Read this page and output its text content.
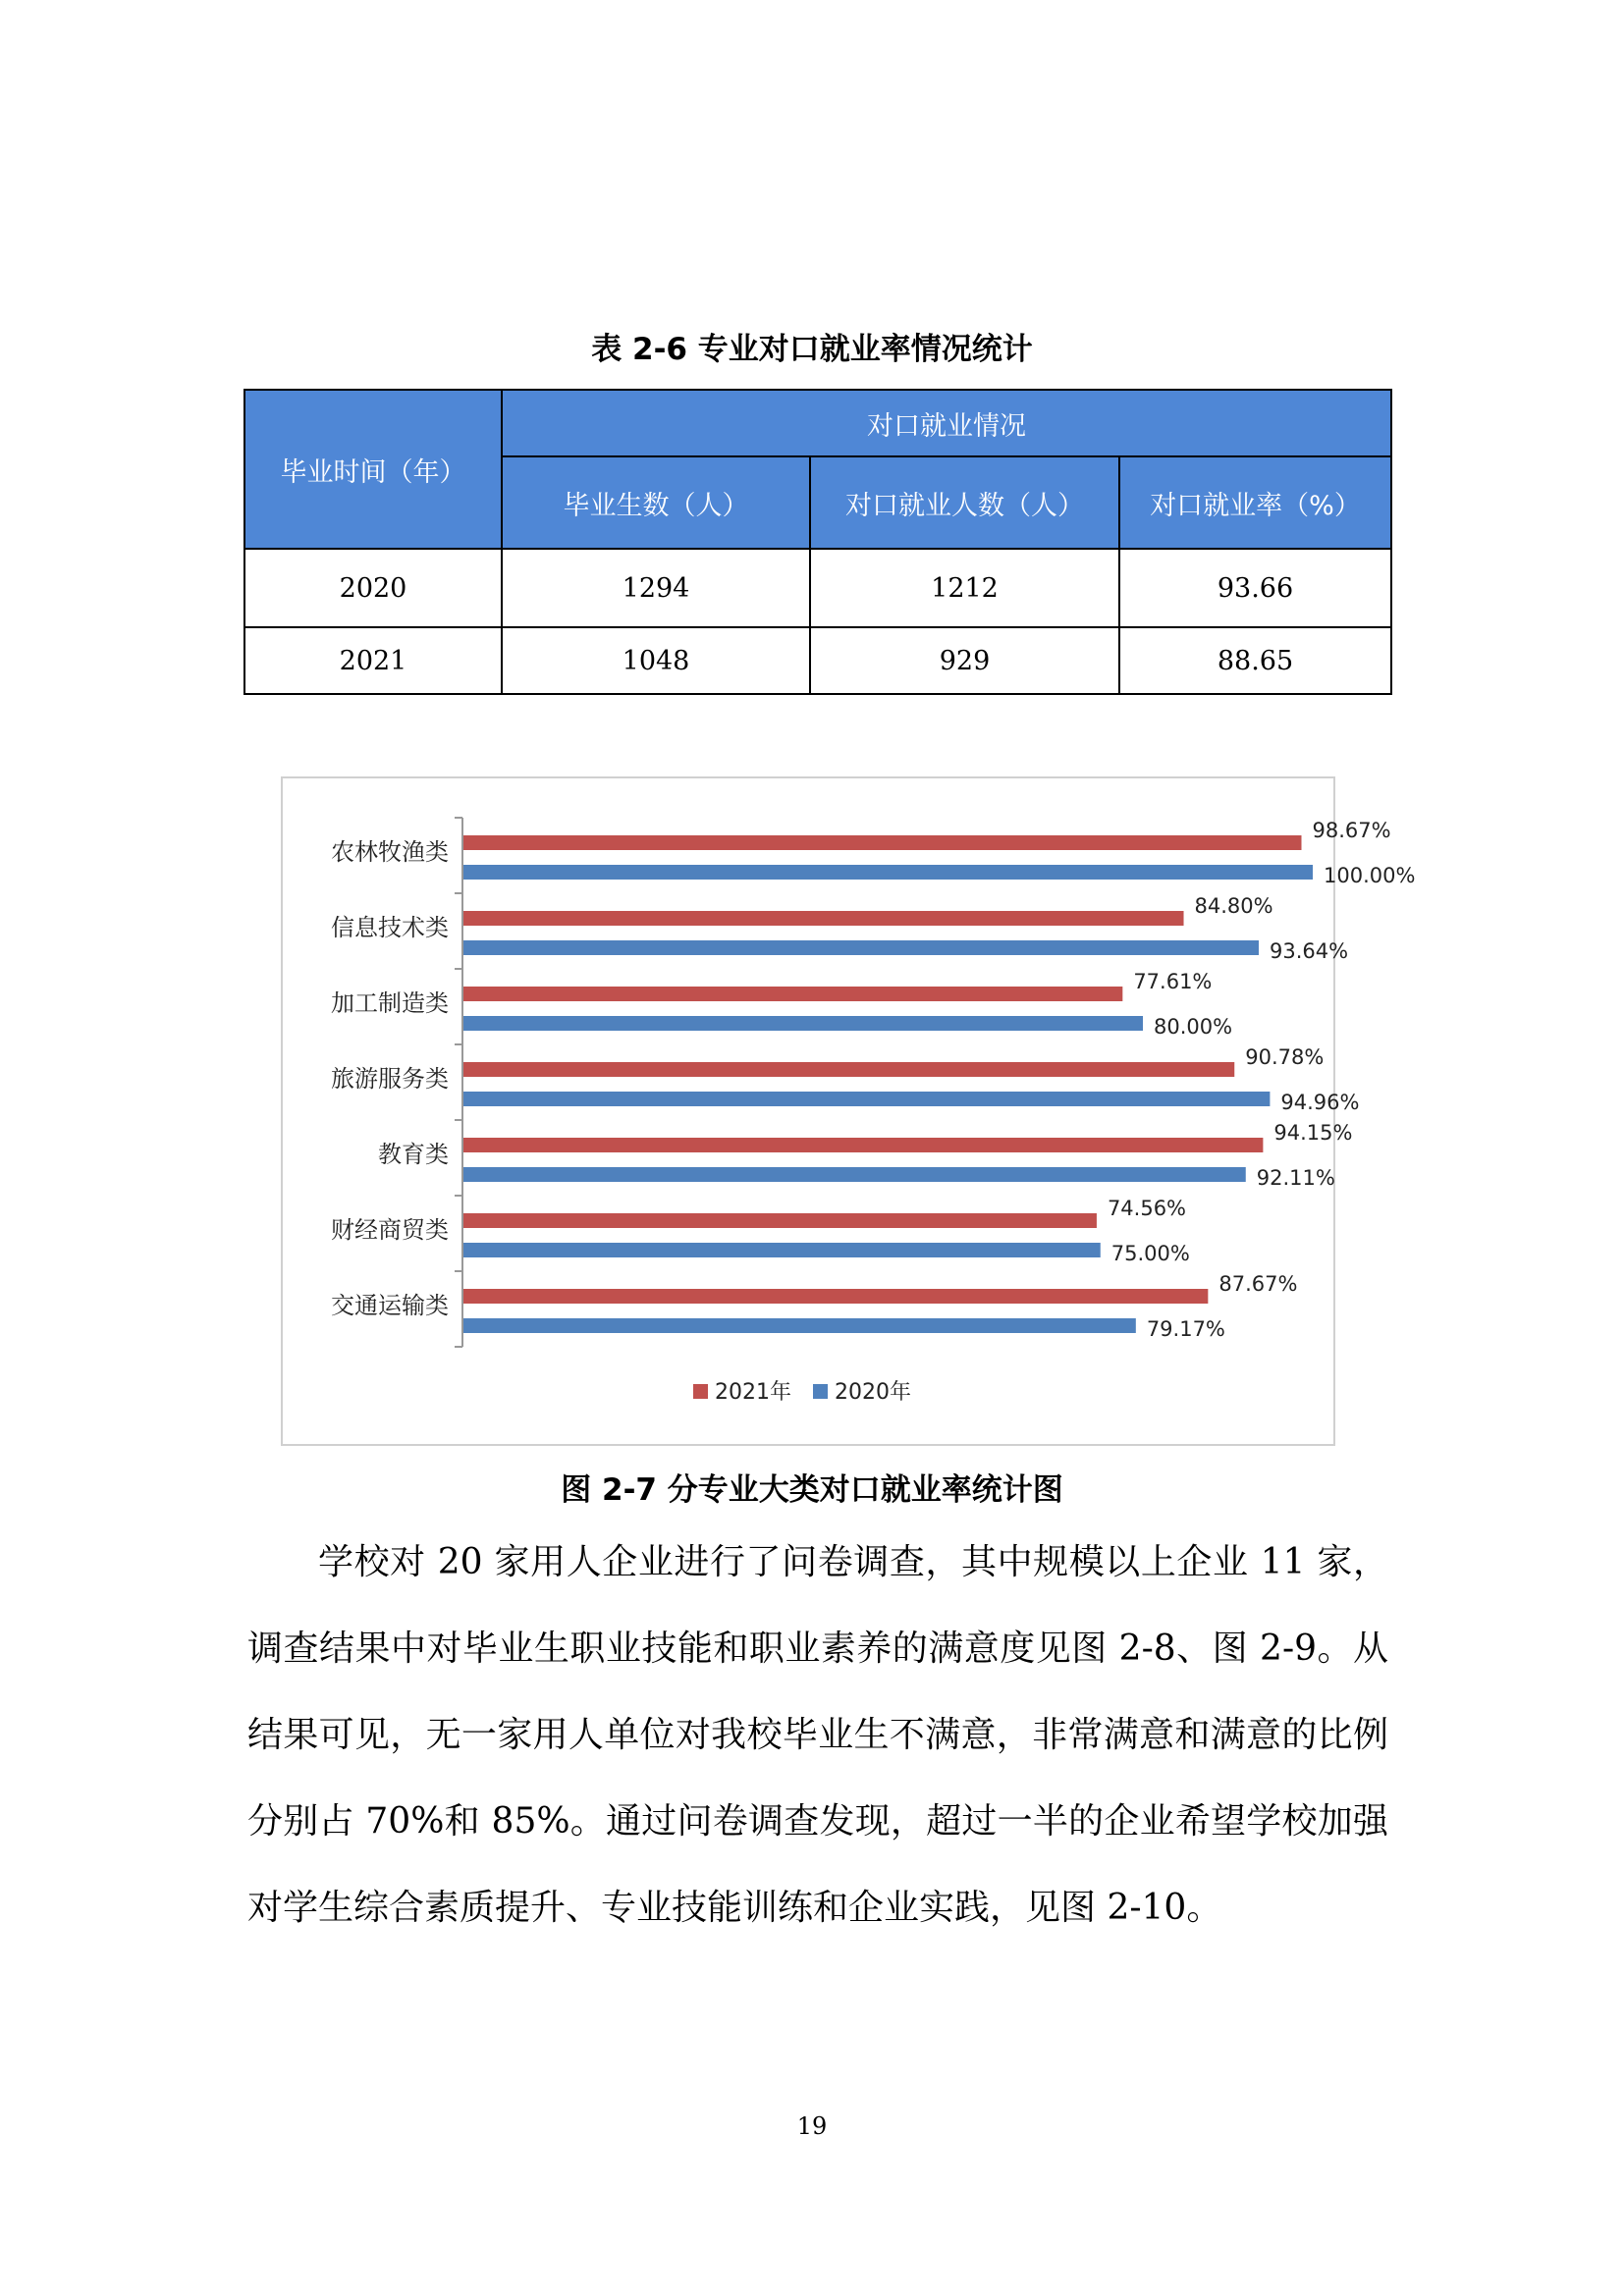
表 2-6 专业对口就业率情况统计
毕业时间（年）	对口就业情况		
	毕业生数（人）	对口就业人数（人）	对口就业率（%）
2020	1294	1212	93.66
2021	1048	929	88.65
农林牧渔类
98.67%
100.00%
信息技术类
84.80%
93.64%
加工制造类
77.61%
80.00%
旅游服务类
90.78%
94.96%
教育类
94.15%
92.11%
财经商贸类
74.56%
75.00%
交通运输类
87.67%
79.17%
2021年 2020年
图 2-7 分专业大类对口就业率统计图
学校对 20 家用人企业进行了问卷调查，其中规模以上企业 11 家，调查结果中对毕业生职业技能和职业素养的满意度见图 2-8、图 2-9。从结果可见，无一家用人单位对我校毕业生不满意，非常满意和满意的比例分别占 70%和 85%。通过问卷调查发现，超过一半的企业希望学校加强对学生综合素质提升、专业技能训练和企业实践，见图 2-10。
19
